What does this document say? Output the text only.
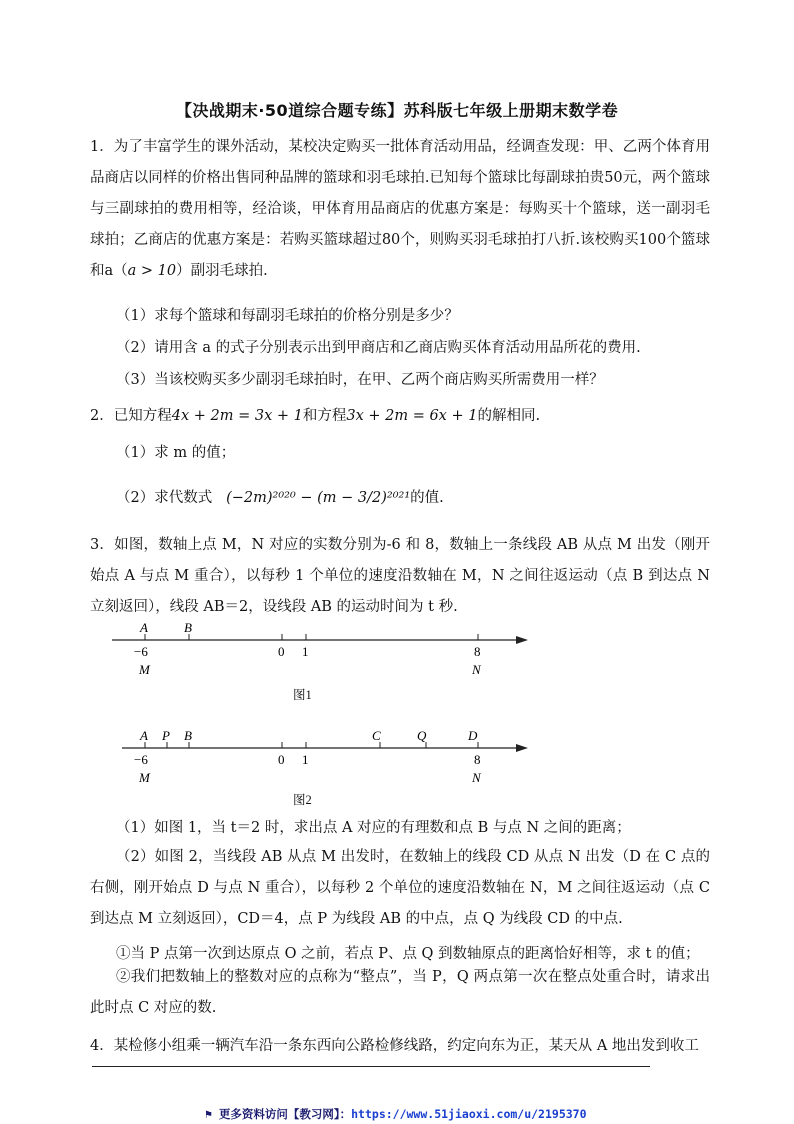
【决战期末·50道综合题专练】苏科版七年级上册期末数学卷
1．为了丰富学生的课外活动，某校决定购买一批体育活动用品，经调查发现：甲、乙两个体育用品商店以同样的价格出售同种品牌的篮球和羽毛球拍.已知每个篮球比每副球拍贵50元，两个篮球与三副球拍的费用相等，经洽谈，甲体育用品商店的优惠方案是：每购买十个篮球，送一副羽毛球拍；乙商店的优惠方案是：若购买篮球超过80个，则购买羽毛球拍打八折.该校购买100个篮球和a（a > 10）副羽毛球拍.
（1）求每个篮球和每副羽毛球拍的价格分别是多少？
（2）请用含 a 的式子分别表示出到甲商店和乙商店购买体育活动用品所花的费用.
（3）当该校购买多少副羽毛球拍时，在甲、乙两个商店购买所需费用一样？
2．已知方程4x + 2m = 3x + 1和方程3x + 2m = 6x + 1的解相同.
（1）求 m 的值；
（2）求代数式 (−2m)²⁰²⁰ − (m − 3/2)²⁰²¹的值.
3．如图，数轴上点 M，N 对应的实数分别为-6 和 8，数轴上一条线段 AB 从点 M 出发（刚开始点 A 与点 M 重合），以每秒 1 个单位的速度沿数轴在 M，N 之间往返运动（点 B 到达点 N 立刻返回），线段 AB＝2，设线段 AB 的运动时间为 t 秒.
A	B
−6
M
0 1	8
N
图1
A P B	C	Q	D
−6
M
0 1	8
N
图2
（1）如图 1，当 t＝2 时，求出点 A 对应的有理数和点 B 与点 N 之间的距离；
（2）如图 2，当线段 AB 从点 M 出发时，在数轴上的线段 CD 从点 N 出发（D 在 C 点的右侧，刚开始点 D 与点 N 重合），以每秒 2 个单位的速度沿数轴在 N，M 之间往返运动（点 C 到达点 M 立刻返回），CD＝4，点 P 为线段 AB 的中点，点 Q 为线段 CD 的中点.
①当 P 点第一次到达原点 O 之前，若点 P、点 Q 到数轴原点的距离恰好相等，求 t 的值；
②我们把数轴上的整数对应的点称为“整点”，当 P，Q 两点第一次在整点处重合时，请求出此时点 C 对应的数.
4．某检修小组乘一辆汽车沿一条东西向公路检修线路，约定向东为正，某天从 A 地出发到收工
⚑ 更多资料访问【教习网】：https://www.51jiaoxi.com/u/2195370
